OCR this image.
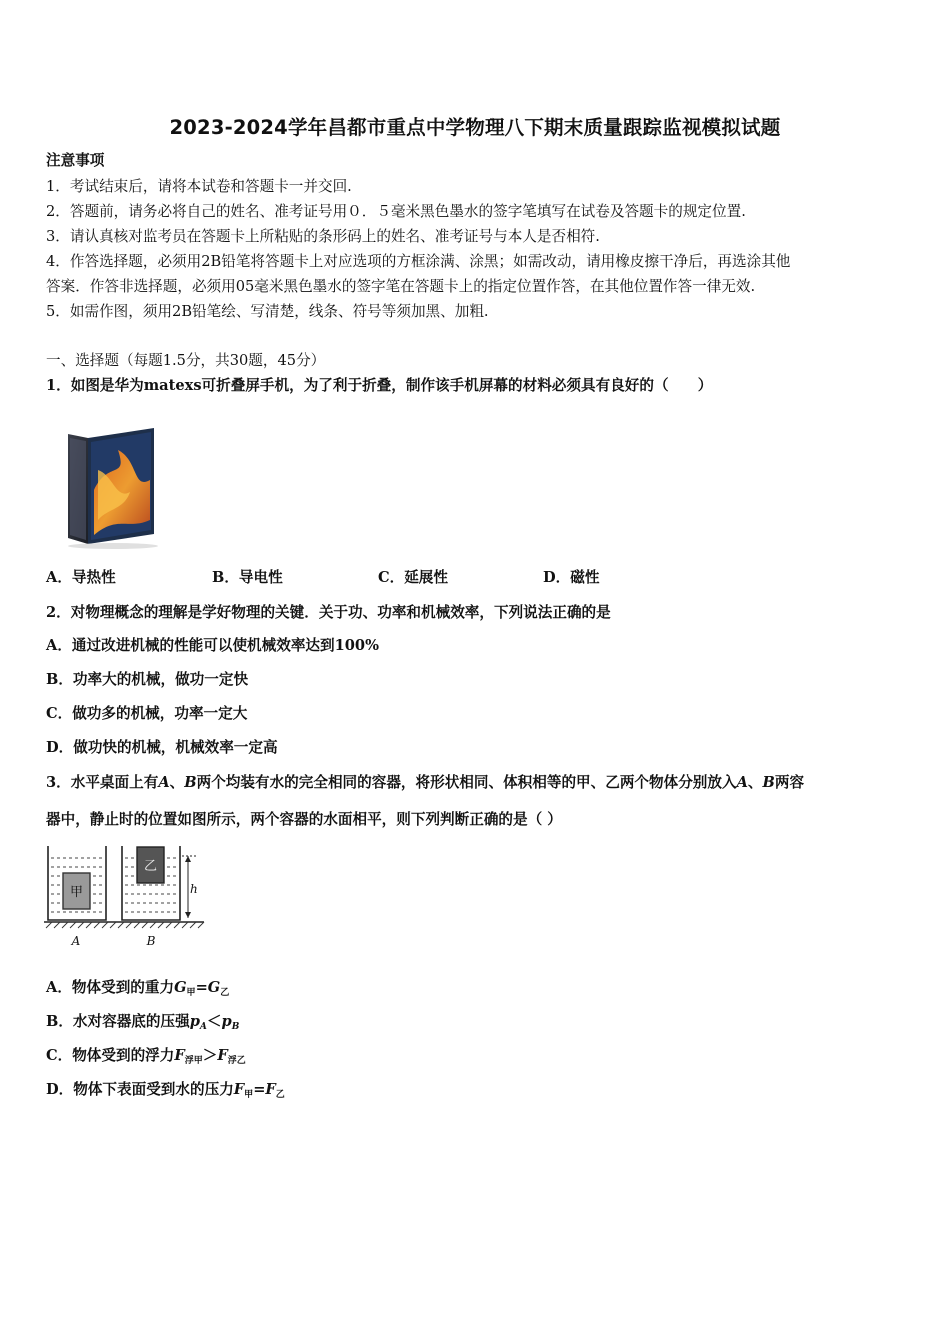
2023-2024学年昌都市重点中学物理八下期末质量跟踪监视模拟试题
注意事项
1．考试结束后，请将本试卷和答题卡一并交回.
2．答题前，请务必将自己的姓名、准考证号用０．５毫米黑色墨水的签字笔填写在试卷及答题卡的规定位置.
3．请认真核对监考员在答题卡上所粘贴的条形码上的姓名、准考证号与本人是否相符.
4．作答选择题，必须用2B铅笔将答题卡上对应选项的方框涂满、涂黑；如需改动，请用橡皮擦干净后，再选涂其他
答案．作答非选择题，必须用05毫米黑色墨水的签字笔在答题卡上的指定位置作答，在其他位置作答一律无效.
5．如需作图，须用2B铅笔绘、写清楚，线条、符号等须加黑、加粗.
一、选择题（每题1.5分，共30题，45分）
1．如图是华为matexs可折叠屏手机，为了利于折叠，制作该手机屏幕的材料必须具有良好的（　　）
A．导热性	B．导电性	C．延展性	D．磁性
2．对物理概念的理解是学好物理的关键．关于功、功率和机械效率，下列说法正确的是
A．通过改进机械的性能可以使机械效率达到100%
B．功率大的机械，做功一定快
C．做功多的机械，功率一定大
D．做功快的机械，机械效率一定高
3．水平桌面上有A、B两个均装有水的完全相同的容器，将形状相同、体积相等的甲、乙两个物体分别放入A、B两容
器中，静止时的位置如图所示，两个容器的水面相平，则下列判断正确的是（ ）
甲
乙
h
A	B
A．物体受到的重力$G_甲=G_乙$
B．水对容器底的压强$p_A<p_B$
C．物体受到的浮力$F_{浮甲}>F_{浮乙}$
D．物体下表面受到水的压力$F_甲=F_乙$
